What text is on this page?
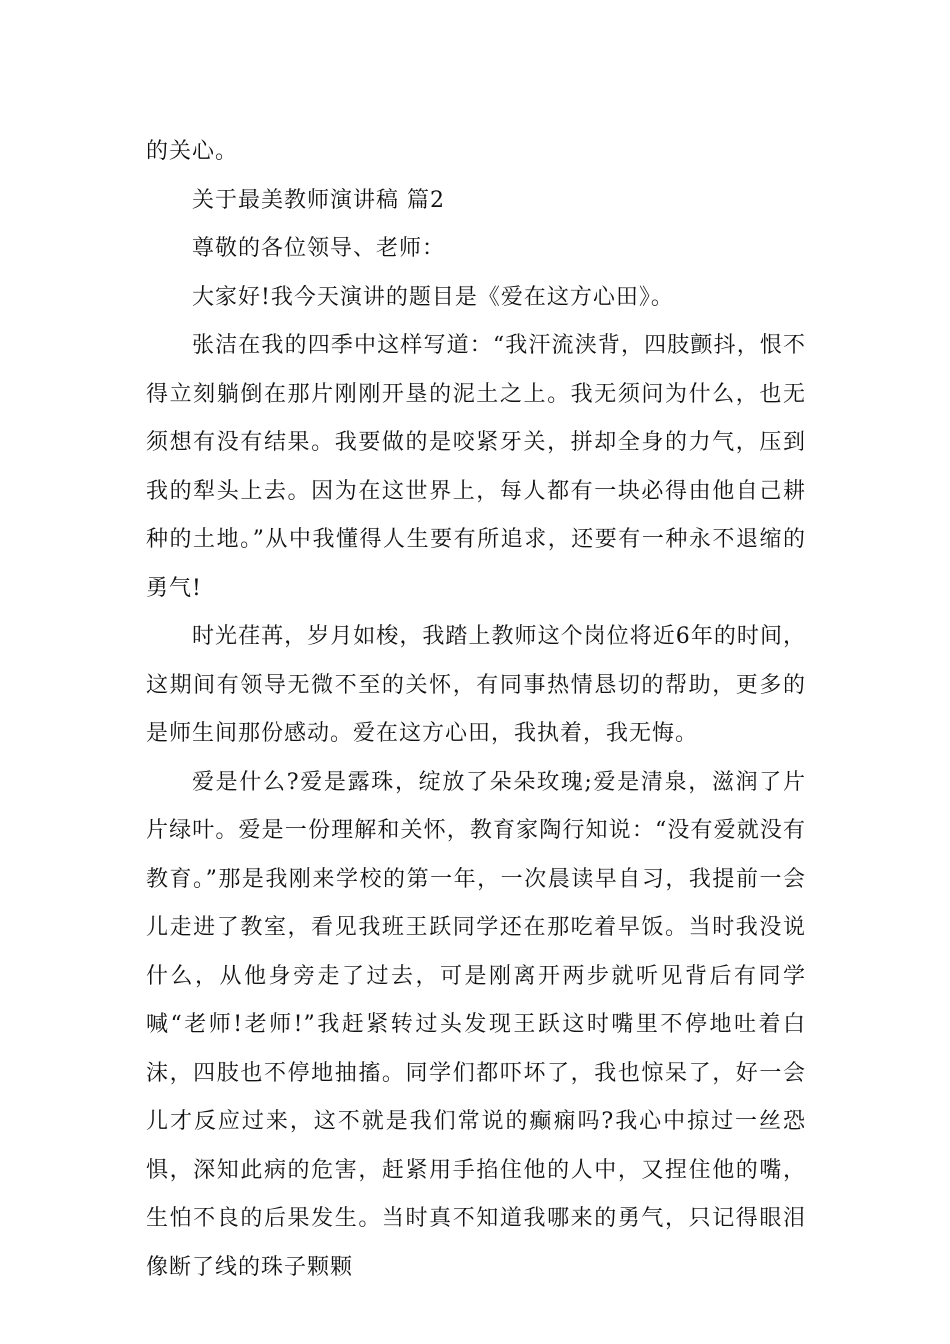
的关心。

关于最美教师演讲稿 篇2

尊敬的各位领导、老师：

大家好!我今天演讲的题目是《爱在这方心田》。

张洁在我的四季中这样写道：“我汗流浃背，四肢颤抖，恨不得立刻躺倒在那片刚刚开垦的泥土之上。我无须问为什么，也无须想有没有结果。我要做的是咬紧牙关，拼却全身的力气，压到我的犁头上去。因为在这世界上，每人都有一块必得由他自己耕种的土地。”从中我懂得人生要有所追求，还要有一种永不退缩的勇气!

时光荏苒，岁月如梭，我踏上教师这个岗位将近6年的时间，这期间有领导无微不至的关怀，有同事热情恳切的帮助，更多的是师生间那份感动。爱在这方心田，我执着，我无悔。

爱是什么?爱是露珠，绽放了朵朵玫瑰;爱是清泉，滋润了片片绿叶。爱是一份理解和关怀，教育家陶行知说：“没有爱就没有教育。”那是我刚来学校的第一年，一次晨读早自习，我提前一会儿走进了教室，看见我班王跃同学还在那吃着早饭。当时我没说什么，从他身旁走了过去，可是刚离开两步就听见背后有同学喊“老师!老师!”我赶紧转过头发现王跃这时嘴里不停地吐着白沫，四肢也不停地抽搐。同学们都吓坏了，我也惊呆了，好一会儿才反应过来，这不就是我们常说的癫痫吗?我心中掠过一丝恐惧，深知此病的危害，赶紧用手掐住他的人中，又捏住他的嘴，生怕不良的后果发生。当时真不知道我哪来的勇气，只记得眼泪像断了线的珠子颗颗
